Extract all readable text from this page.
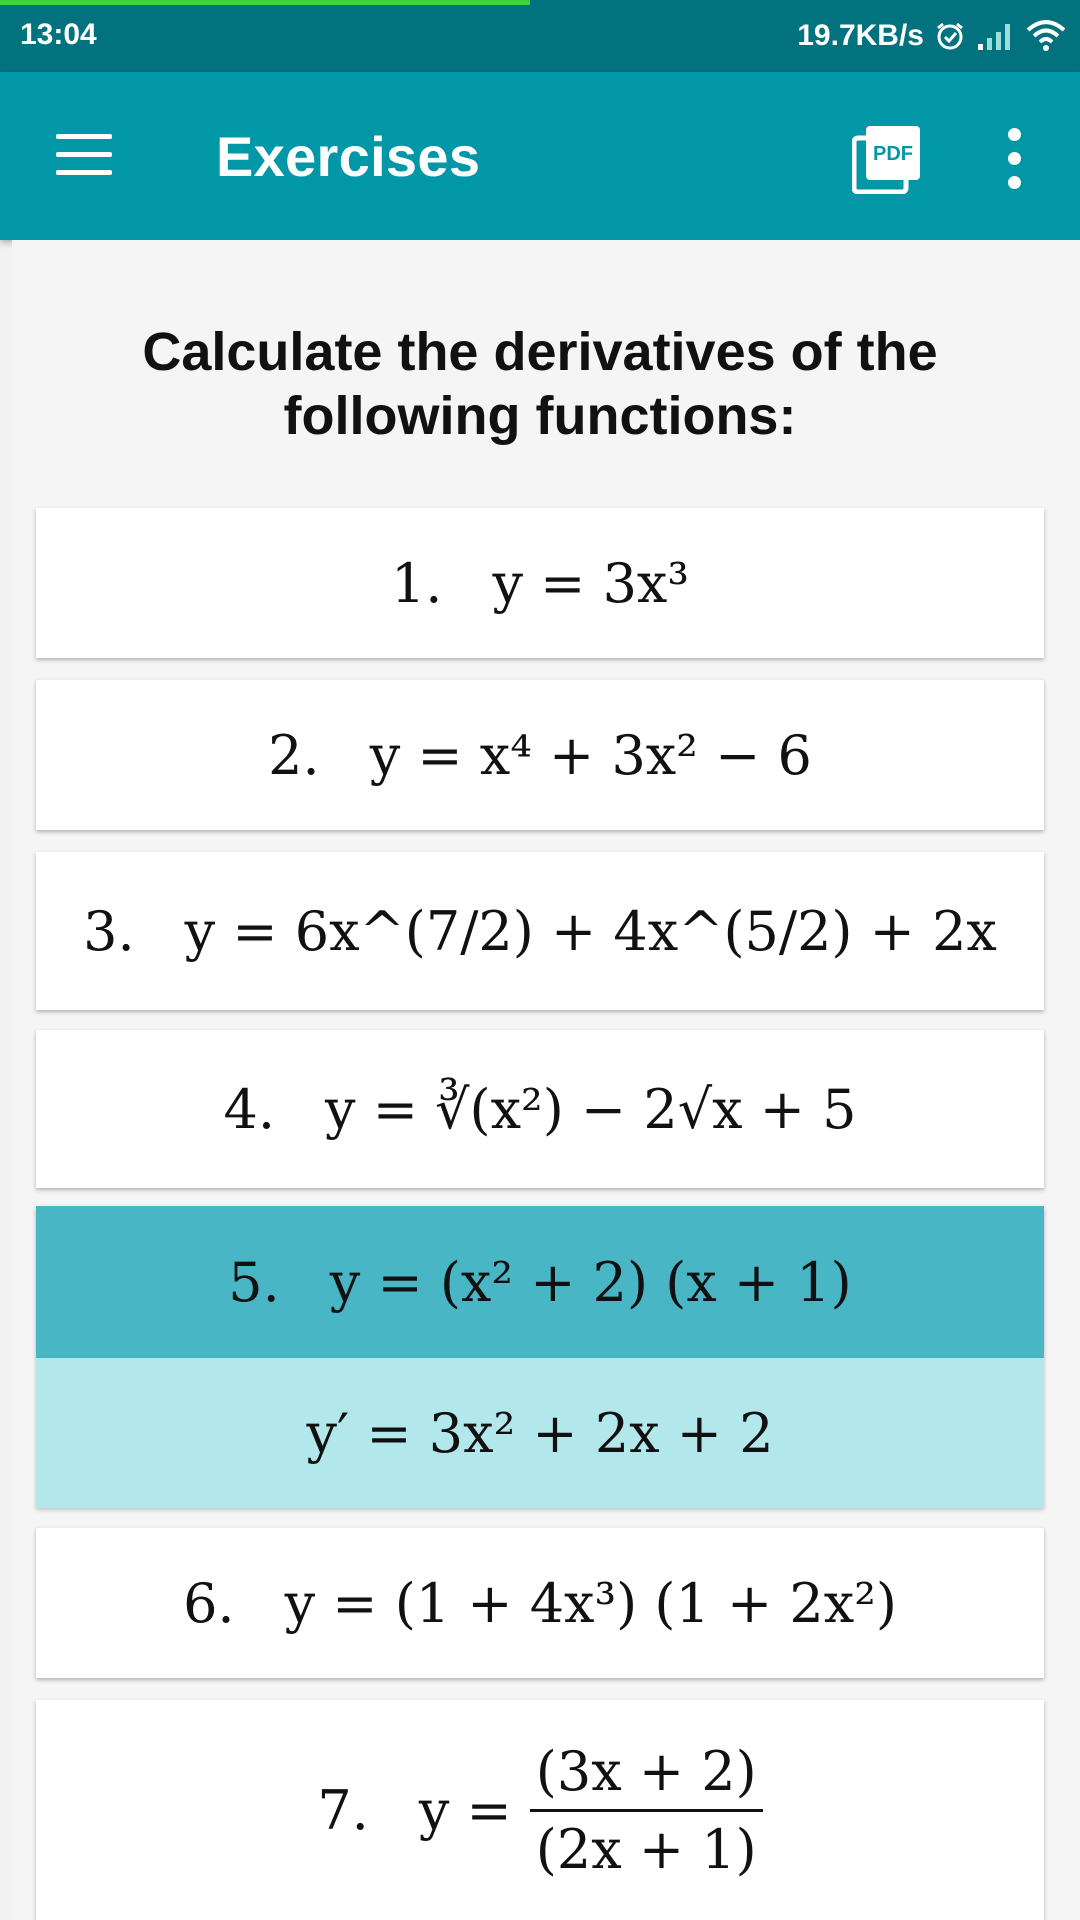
13:04	19.7KB/s
Exercises	PDF
Calculate the derivatives of the
following functions:
1. y = 3x³
2. y = x⁴ + 3x² − 6
3. y = 6x^(7/2) + 4x^(5/2) + 2x
4. y = ∛(x²) − 2√x + 5
5. y = (x² + 2) (x + 1)
y′ = 3x² + 2x + 2
6. y = (1 + 4x³) (1 + 2x²)
7. $y = \frac{(3x + 2)}{(2x + 1)}$
